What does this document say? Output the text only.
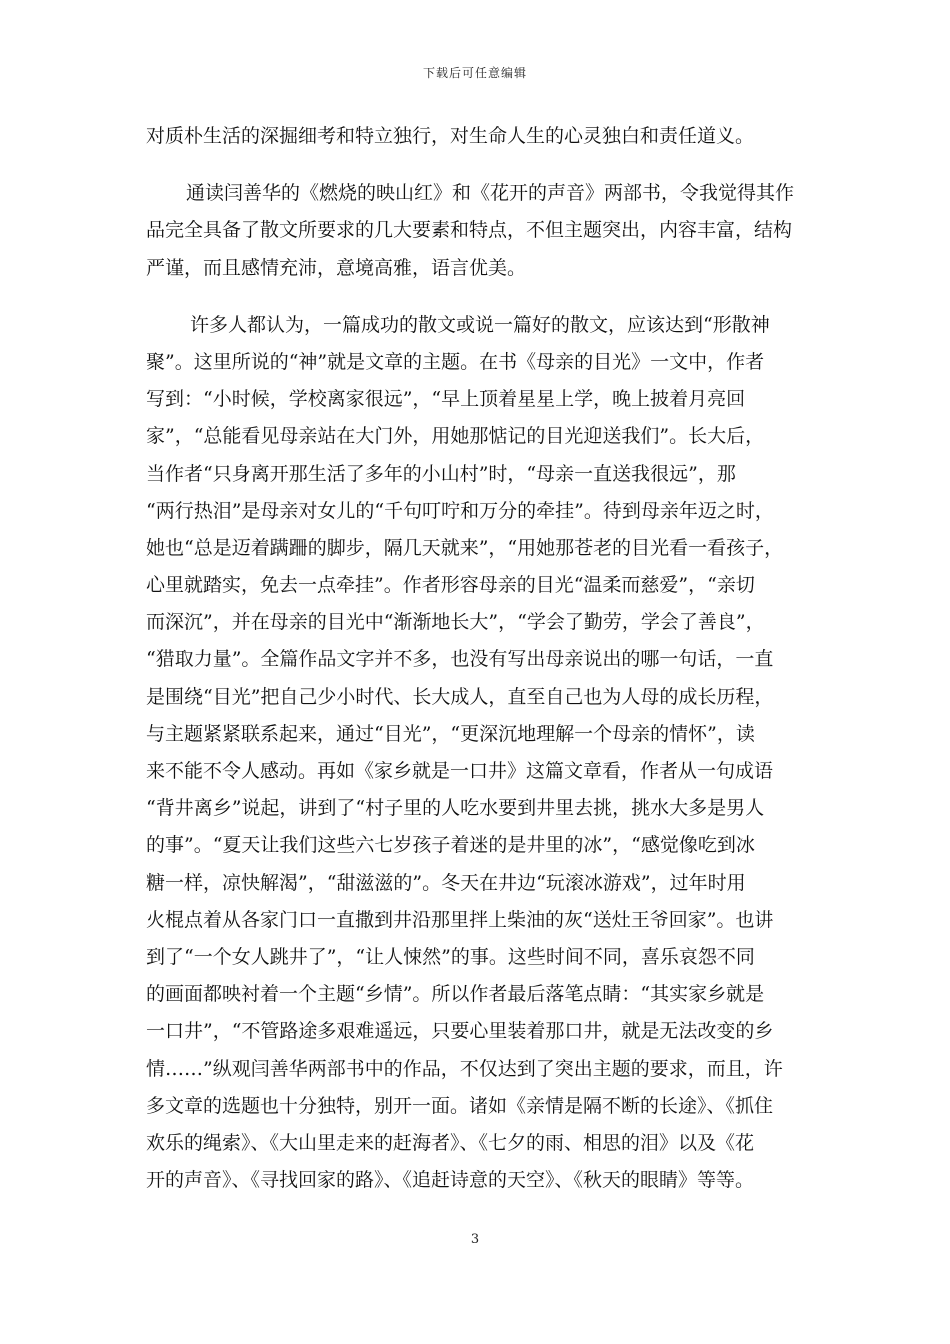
下载后可任意编辑
对质朴生活的深掘细考和特立独行，对生命人生的心灵独白和责任道义。
通读闫善华的《燃烧的映山红》和《花开的声音》两部书，令我觉得其作
品完全具备了散文所要求的几大要素和特点，不但主题突出，内容丰富，结构
严谨，而且感情充沛，意境高雅，语言优美。
许多人都认为，一篇成功的散文或说一篇好的散文，应该达到“形散神
聚”。这里所说的“神”就是文章的主题。在书《母亲的目光》一文中，作者
写到：“小时候，学校离家很远”，“早上顶着星星上学，晚上披着月亮回
家”，“总能看见母亲站在大门外，用她那惦记的目光迎送我们”。长大后，
当作者“只身离开那生活了多年的小山村”时，“母亲一直送我很远”，那
“两行热泪”是母亲对女儿的“千句叮咛和万分的牵挂”。待到母亲年迈之时，
她也“总是迈着蹒跚的脚步，隔几天就来”，“用她那苍老的目光看一看孩子，
心里就踏实，免去一点牵挂”。作者形容母亲的目光“温柔而慈爱”，“亲切
而深沉”，并在母亲的目光中“渐渐地长大”，“学会了勤劳，学会了善良”，
“猎取力量”。全篇作品文字并不多，也没有写出母亲说出的哪一句话，一直
是围绕“目光”把自己少小时代、长大成人，直至自己也为人母的成长历程，
与主题紧紧联系起来，通过“目光”，“更深沉地理解一个母亲的情怀”，读
来不能不令人感动。再如《家乡就是一口井》这篇文章看，作者从一句成语
“背井离乡”说起，讲到了“村子里的人吃水要到井里去挑，挑水大多是男人
的事”。“夏天让我们这些六七岁孩子着迷的是井里的冰”，“感觉像吃到冰
糖一样，凉快解渴”，“甜滋滋的”。冬天在井边“玩滚冰游戏”，过年时用
火棍点着从各家门口一直撒到井沿那里拌上柴油的灰“送灶王爷回家”。也讲
到了“一个女人跳井了”，“让人悚然”的事。这些时间不同，喜乐哀怨不同
的画面都映衬着一个主题“乡情”。所以作者最后落笔点睛：“其实家乡就是
一口井”，“不管路途多艰难遥远，只要心里装着那口井，就是无法改变的乡
情……”纵观闫善华两部书中的作品，不仅达到了突出主题的要求，而且，许
多文章的选题也十分独特，别开一面。诸如《亲情是隔不断的长途》、《抓住
欢乐的绳索》、《大山里走来的赶海者》、《七夕的雨、相思的泪》以及《花
开的声音》、《寻找回家的路》、《追赶诗意的天空》、《秋天的眼睛》等等。
3
